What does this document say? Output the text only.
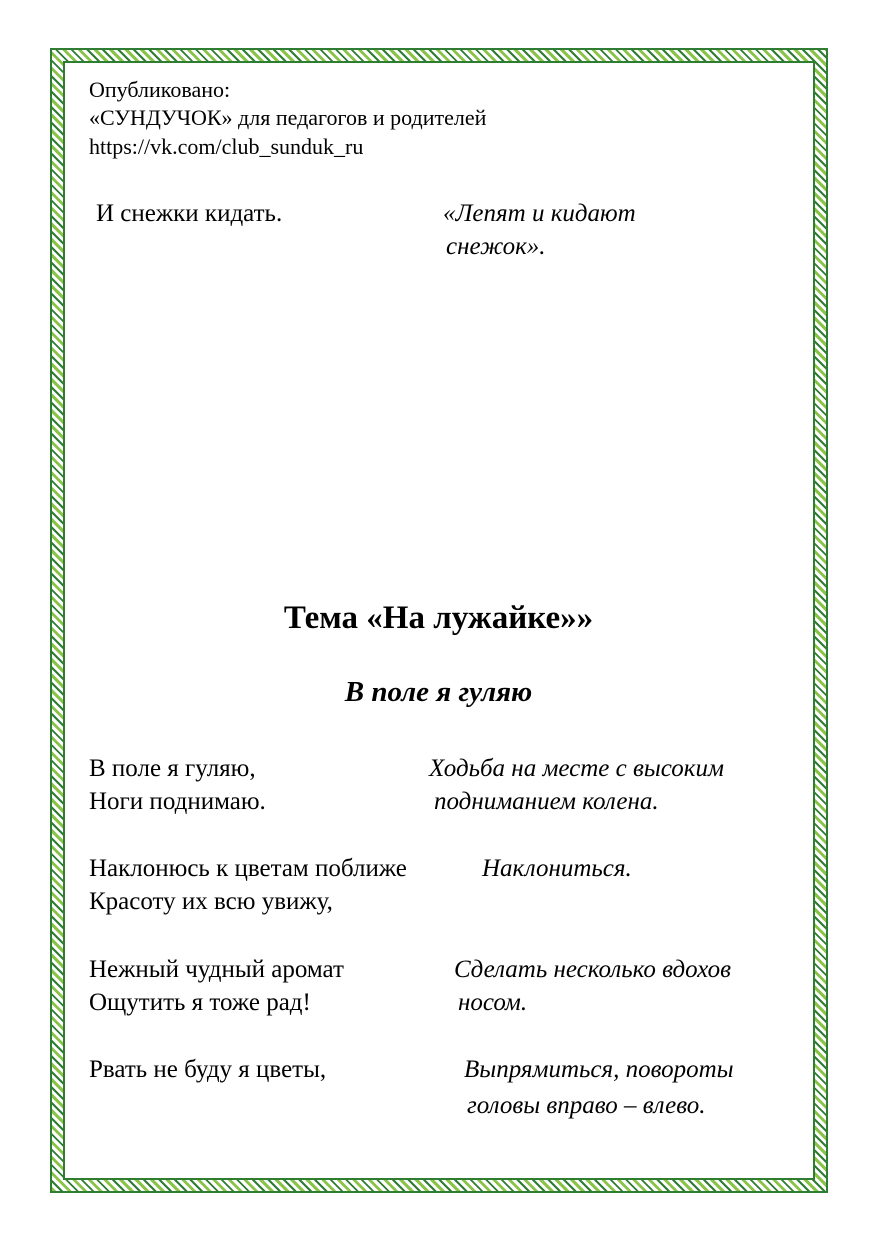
Опубликовано:
«СУНДУЧОК» для педагогов и родителей
https://vk.com/club_sunduk_ru
И снежки кидать.	«Лепят и кидают
снежок».
Тема «На лужайке»»
В поле я гуляю
В поле я гуляю,
Ноги поднимаю.
Ходьба на месте с высоким
подниманием колена.
Наклонюсь к цветам поближе
Красоту их всю увижу,
Наклониться.
Нежный чудный аромат
Ощутить я тоже рад!
Сделать несколько вдохов
носом.
Рвать не буду я цветы,	Выпрямиться, повороты
головы вправо – влево.
